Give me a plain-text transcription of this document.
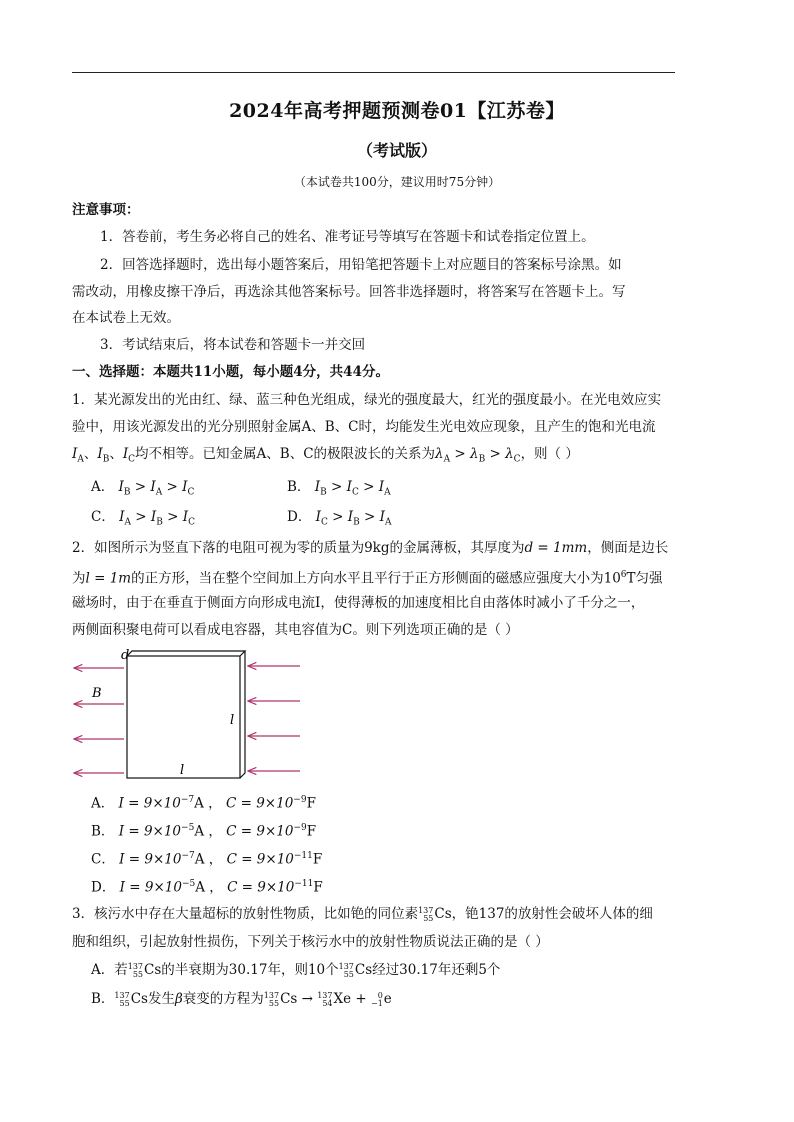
2024年高考押题预测卷01【江苏卷】
（考试版）
（本试卷共100分，建议用时75分钟）
注意事项：
1．答卷前，考生务必将自己的姓名、准考证号等填写在答题卡和试卷指定位置上。
2．回答选择题时，选出每小题答案后，用铅笔把答题卡上对应题目的答案标号涂黑。如
需改动，用橡皮擦干净后，再选涂其他答案标号。回答非选择题时，将答案写在答题卡上。写
在本试卷上无效。
3．考试结束后，将本试卷和答题卡一并交回
一、选择题：本题共11小题，每小题4分，共44分。
1．某光源发出的光由红、绿、蓝三种色光组成，绿光的强度最大，红光的强度最小。在光电效应实
验中，用该光源发出的光分别照射金属A、B、C时，均能发生光电效应现象，且产生的饱和光电流
$I_A$、$I_B$、$I_C$均不相等。已知金属A、B、C的极限波长的关系为$\lambda_A > \lambda_B > \lambda_C$，则（ ）
A． $I_B > I_A > I_C$	B． $I_B > I_C > I_A$
C． $I_A > I_B > I_C$	D． $I_C > I_B > I_A$
2．如图所示为竖直下落的电阻可视为零的质量为9kg的金属薄板，其厚度为d = 1mm，侧面是边长
为l = 1m的正方形，当在整个空间加上方向水平且平行于正方形侧面的磁感应强度大小为$10^6T$匀强
磁场时，由于在垂直于侧面方向形成电流I，使得薄板的加速度相比自由落体时减小了千分之一，
两侧面积聚电荷可以看成电容器，其电容值为C。则下列选项正确的是（ ）
d
B
l
l
A． $I = 9\times 10^{-7}A$ ， $C = 9\times 10^{-9}F$
B． $I = 9\times 10^{-5}A$ ， $C = 9\times 10^{-9}F$
C． $I = 9\times 10^{-7}A$ ， $C = 9\times 10^{-11}F$
D． $I = 9\times 10^{-5}A$ ， $C = 9\times 10^{-11}F$
3．核污水中存在大量超标的放射性物质，比如铯的同位素 137
55 Cs，铯137的放射性会破坏人体的细
胞和组织，引起放射性损伤，下列关于核污水中的放射性物质说法正确的是（ ）
A．若 137
55 Cs的半衰期为30.17年，则10个 137
55 Cs经过30.17年还剩5个
B． 137
55 Cs发生β衰变的方程为 137
55 Cs → 137
54 Xe + 0
−1 e
